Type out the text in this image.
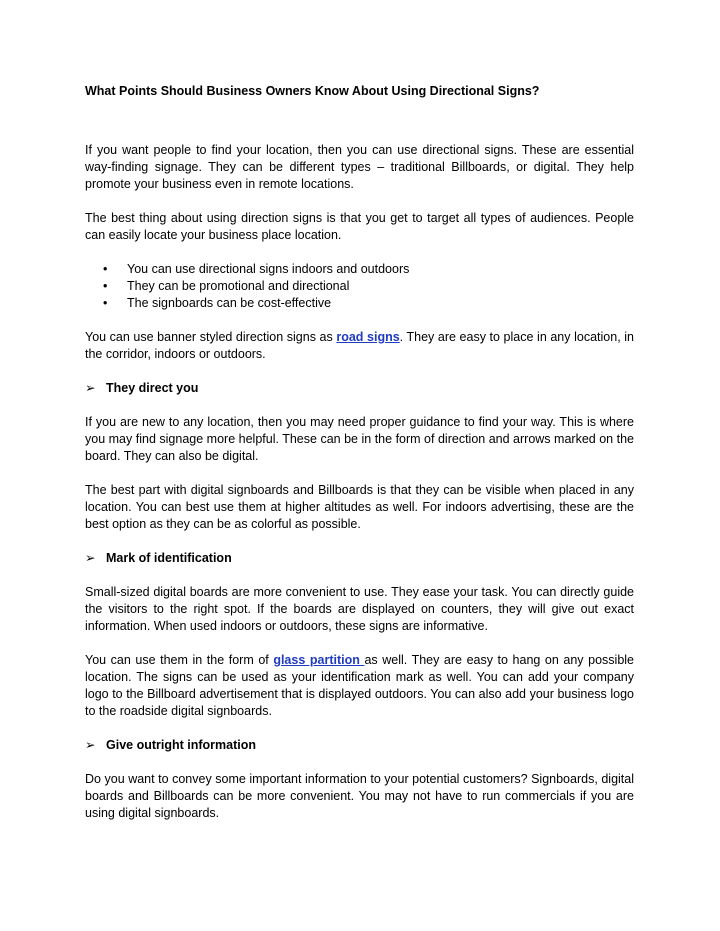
What Points Should Business Owners Know About Using Directional Signs?

If you want people to find your location, then you can use directional signs. These are essential way-finding signage. They can be different types – traditional Billboards, or digital. They help promote your business even in remote locations.

The best thing about using direction signs is that you get to target all types of audiences. People can easily locate your business place location.

• You can use directional signs indoors and outdoors
• They can be promotional and directional
• The signboards can be cost-effective

You can use banner styled direction signs as road signs. They are easy to place in any location, in the corridor, indoors or outdoors.

➢ They direct you

If you are new to any location, then you may need proper guidance to find your way. This is where you may find signage more helpful. These can be in the form of direction and arrows marked on the board. They can also be digital.

The best part with digital signboards and Billboards is that they can be visible when placed in any location. You can best use them at higher altitudes as well. For indoors advertising, these are the best option as they can be as colorful as possible.

➢ Mark of identification

Small-sized digital boards are more convenient to use. They ease your task. You can directly guide the visitors to the right spot. If the boards are displayed on counters, they will give out exact information. When used indoors or outdoors, these signs are informative.

You can use them in the form of glass partition as well. They are easy to hang on any possible location. The signs can be used as your identification mark as well. You can add your company logo to the Billboard advertisement that is displayed outdoors. You can also add your business logo to the roadside digital signboards.

➢ Give outright information

Do you want to convey some important information to your potential customers? Signboards, digital boards and Billboards can be more convenient. You may not have to run commercials if you are using digital signboards.
